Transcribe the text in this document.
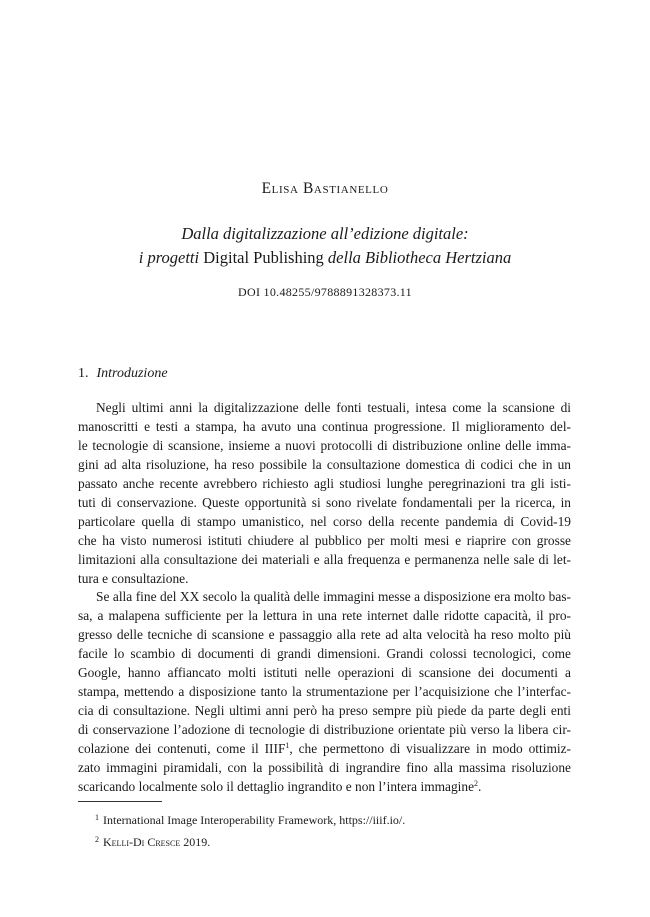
Elisa Bastianello
Dalla digitalizzazione all’edizione digitale:
i progetti Digital Publishing della Bibliotheca Hertziana
DOI 10.48255/9788891328373.11
1. Introduzione
Negli ultimi anni la digitalizzazione delle fonti testuali, intesa come la scansione di
manoscritti e testi a stampa, ha avuto una continua progressione. Il miglioramento del-
le tecnologie di scansione, insieme a nuovi protocolli di distribuzione online delle imma-
gini ad alta risoluzione, ha reso possibile la consultazione domestica di codici che in un
passato anche recente avrebbero richiesto agli studiosi lunghe peregrinazioni tra gli isti-
tuti di conservazione. Queste opportunità si sono rivelate fondamentali per la ricerca, in
particolare quella di stampo umanistico, nel corso della recente pandemia di Covid-19
che ha visto numerosi istituti chiudere al pubblico per molti mesi e riaprire con grosse
limitazioni alla consultazione dei materiali e alla frequenza e permanenza nelle sale di let-
tura e consultazione.
Se alla fine del XX secolo la qualità delle immagini messe a disposizione era molto bas-
sa, a malapena sufficiente per la lettura in una rete internet dalle ridotte capacità, il pro-
gresso delle tecniche di scansione e passaggio alla rete ad alta velocità ha reso molto più
facile lo scambio di documenti di grandi dimensioni. Grandi colossi tecnologici, come
Google, hanno affiancato molti istituti nelle operazioni di scansione dei documenti a
stampa, mettendo a disposizione tanto la strumentazione per l’acquisizione che l’interfac-
cia di consultazione. Negli ultimi anni però ha preso sempre più piede da parte degli enti
di conservazione l’adozione di tecnologie di distribuzione orientate più verso la libera cir-
colazione dei contenuti, come il IIIF$^1$, che permettono di visualizzare in modo ottimiz-
zato immagini piramidali, con la possibilità di ingrandire fino alla massima risoluzione
scaricando localmente solo il dettaglio ingrandito e non l’intera immagine$^2$.
$^1$ International Image Interoperability Framework, https://iiif.io/.
$^2$ Kelli-Di Cresce 2019.
